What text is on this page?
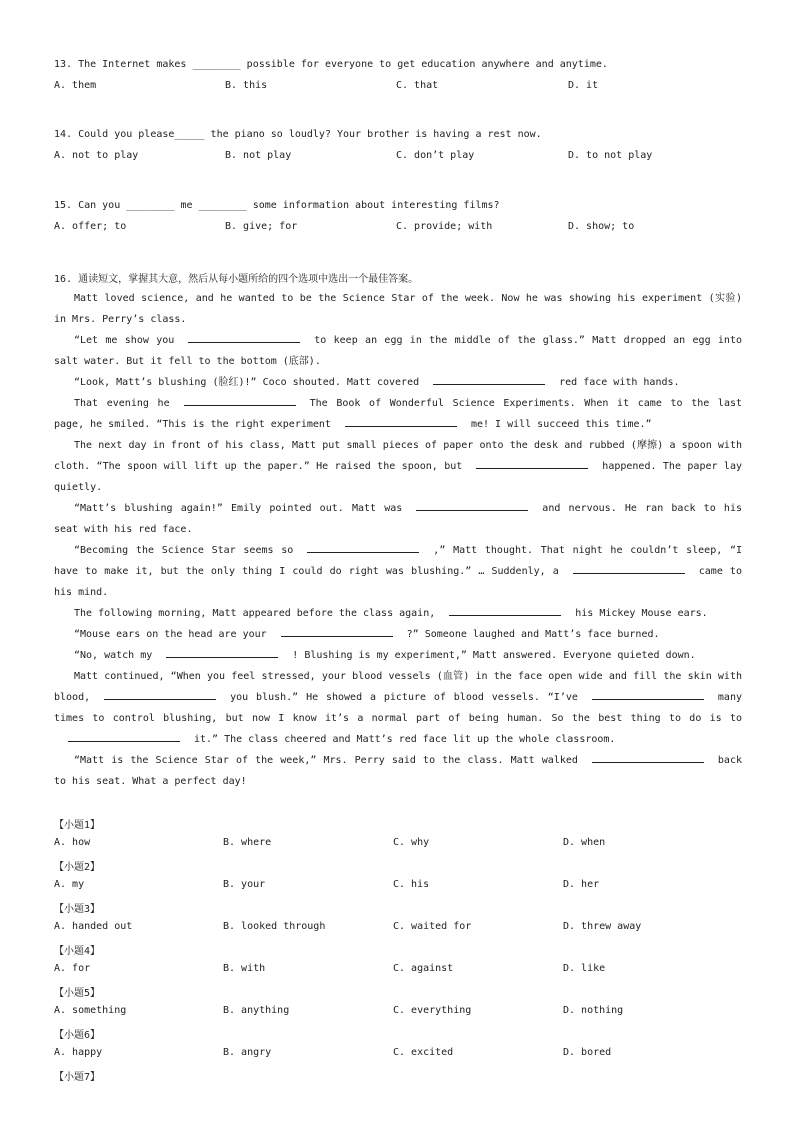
13. The Internet makes ________ possible for everyone to get education anywhere and anytime.
A. them	B. this	C. that	D. it
14. Could you please_____ the piano so loudly? Your brother is having a rest now.
A. not to play	B. not play	C. don’t play	D. to not play
15. Can you ________ me ________ some information about interesting films?
A. offer; to	B. give; for	C. provide; with	D. show; to
16. 通读短文，掌握其大意，然后从每小题所给的四个选项中选出一个最佳答案。

Matt loved science, and he wanted to be the Science Star of the week. Now he was showing his experiment (实验) in Mrs. Perry’s class.

“Let me show you	to keep an egg in the middle of the glass.” Matt dropped an egg into salt water. But it fell to the bottom (底部).

“Look, Matt’s blushing (脸红)!” Coco shouted. Matt covered	red face with hands.

That evening he	The Book of Wonderful Science Experiments. When it came to the last page, he smiled. “This is the right experiment	me! I will succeed this time.”

The next day in front of his class, Matt put small pieces of paper onto the desk and rubbed (摩擦) a spoon with cloth. “The spoon will lift up the paper.” He raised the spoon, but	happened. The paper lay quietly.

“Matt’s blushing again!” Emily pointed out. Matt was	and nervous. He ran back to his seat with his red face.

“Becoming the Science Star seems so	,” Matt thought. That night he couldn’t sleep, “I have to make it, but the only thing I could do right was blushing.” … Suddenly, a	came to his mind.

The following morning, Matt appeared before the class again,	his Mickey Mouse ears.

“Mouse ears on the head are your	?” Someone laughed and Matt’s face burned.

“No, watch my	! Blushing is my experiment,” Matt answered. Everyone quieted down.

Matt continued, “When you feel stressed, your blood vessels (血管) in the face open wide and fill the skin with blood,	you blush.” He showed a picture of blood vessels. “I’ve	many times to control blushing, but now I know it’s a normal part of being human. So the best thing to do is toit.” The class cheered and Matt’s red face lit up the whole classroom.

“Matt is the Science Star of the week,” Mrs. Perry said to the class. Matt walked	back to his seat. What a perfect day!

【小题1】
A. how	B. where	C. why	D. when
【小题2】
A. my	B. your	C. his	D. her
【小题3】
A. handed out	B. looked through	C. waited for	D. threw away
【小题4】
A. for	B. with	C. against	D. like
【小题5】
A. something	B. anything	C. everything	D. nothing
【小题6】
A. happy	B. angry	C. excited	D. bored
【小题7】
